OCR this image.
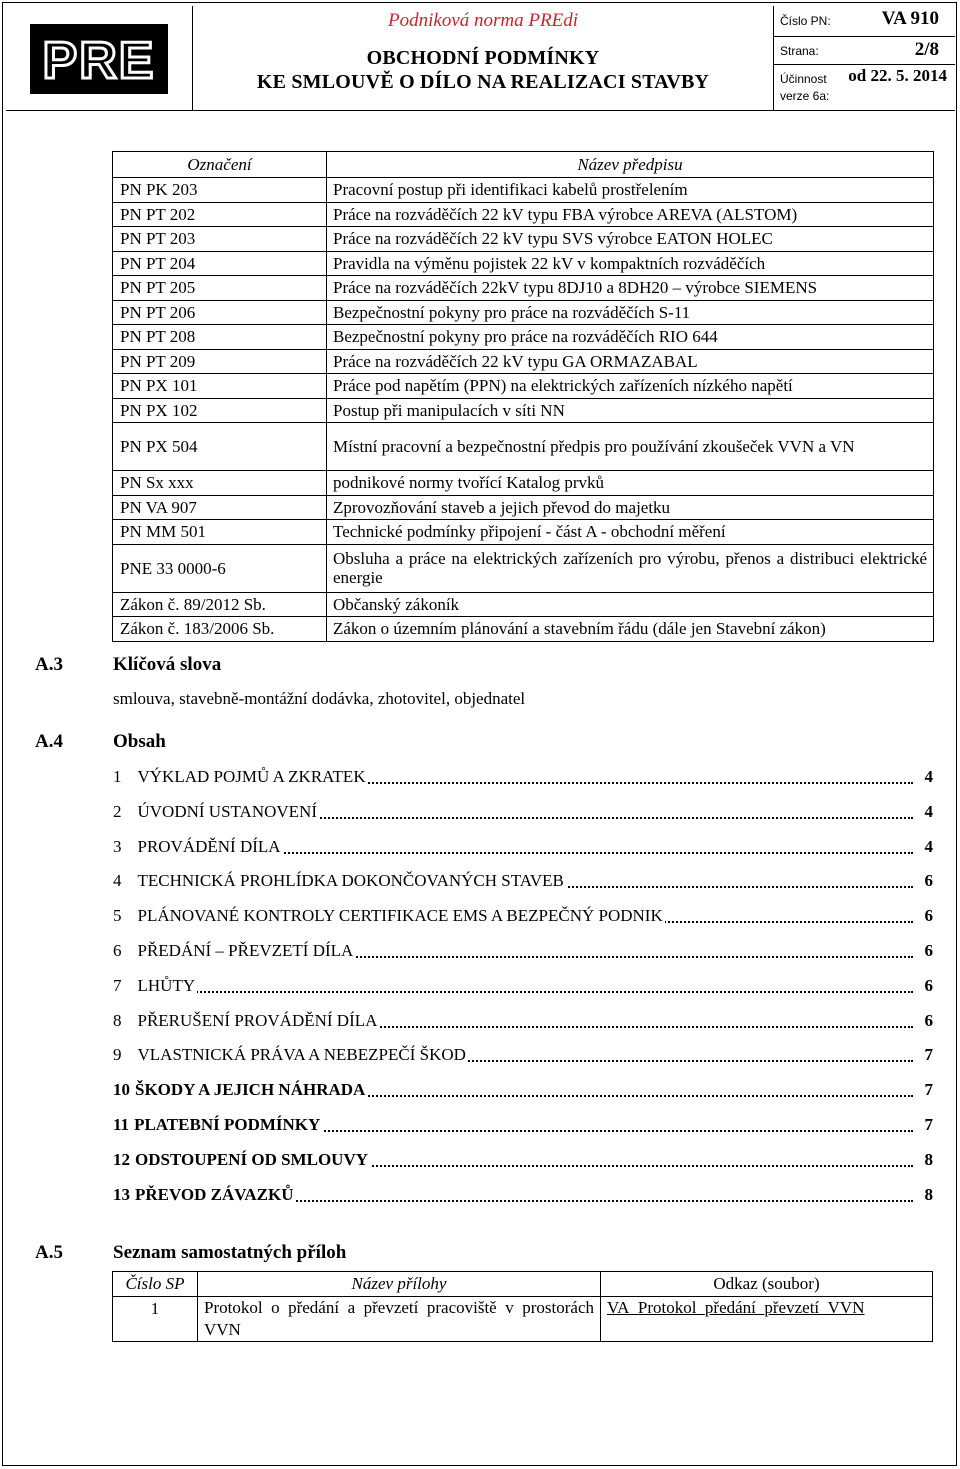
PRE
Podniková norma PREdi
OBCHODNÍ PODMÍNKY
KE SMLOUVĚ O DÍLO NA REALIZACI STAVBY
Číslo PN:	VA 910
Strana:	2/8
Účinnost od 22. 5. 2014
verze 6a:
Označení	Název předpisu
PN PK 203	Pracovní postup při identifikaci kabelů prostřelením
PN PT 202	Práce na rozváděčích 22 kV typu FBA výrobce AREVA (ALSTOM)
PN PT 203	Práce na rozváděčích 22 kV typu SVS výrobce EATON HOLEC
PN PT 204	Pravidla na výměnu pojistek 22 kV v kompaktních rozváděčích
PN PT 205	Práce na rozváděčích 22kV typu 8DJ10 a 8DH20 – výrobce SIEMENS
PN PT 206	Bezpečnostní pokyny pro práce na rozváděčích S-11
PN PT 208	Bezpečnostní pokyny pro práce na rozváděčích RIO 644
PN PT 209	Práce na rozváděčích 22 kV typu GA ORMAZABAL
PN PX 101	Práce pod napětím (PPN) na elektrických zařízeních nízkého napětí
PN PX 102	Postup při manipulacích v síti NN
PN PX 504	Místní pracovní a bezpečnostní předpis pro používání zkoušeček VVN a VN
PN Sx xxx	podnikové normy tvořící Katalog prvků
PN VA 907	Zprovozňování staveb a jejich převod do majetku
PN MM 501	Technické podmínky připojení - část A - obchodní měření
PNE 33 0000-6	Obsluha a práce na elektrických zařízeních pro výrobu, přenos a distribuci elektrické energie
Zákon č. 89/2012 Sb.	Občanský zákoník
Zákon č. 183/2006 Sb.	Zákon o územním plánování a stavebním řádu (dále jen Stavební zákon)
A.3	Klíčová slova
smlouva, stavebně-montážní dodávka, zhotovitel, objednatel
A.4	Obsah
1 VÝKLAD POJMŮ A ZKRATEK	4
2 ÚVODNÍ USTANOVENÍ	4
3 PROVÁDĚNÍ DÍLA	4
4 TECHNICKÁ PROHLÍDKA DOKONČOVANÝCH STAVEB	6
5 PLÁNOVANÉ KONTROLY CERTIFIKACE EMS A BEZPEČNÝ PODNIK	6
6 PŘEDÁNÍ – PŘEVZETÍ DÍLA	6
7 LHŮTY	6
8 PŘERUŠENÍ PROVÁDĚNÍ DÍLA	6
9 VLASTNICKÁ PRÁVA A NEBEZPEČÍ ŠKOD	7
10 ŠKODY A JEJICH NÁHRADA	7
11 PLATEBNÍ PODMÍNKY	7
12 ODSTOUPENÍ OD SMLOUVY	8
13 PŘEVOD ZÁVAZKŮ	8
A.5	Seznam samostatných příloh
Číslo SP	Název přílohy	Odkaz (soubor)
1	Protokol o předání a převzetí pracoviště v prostorách VVN	VA_Protokol_předání_převzetí_VVN
